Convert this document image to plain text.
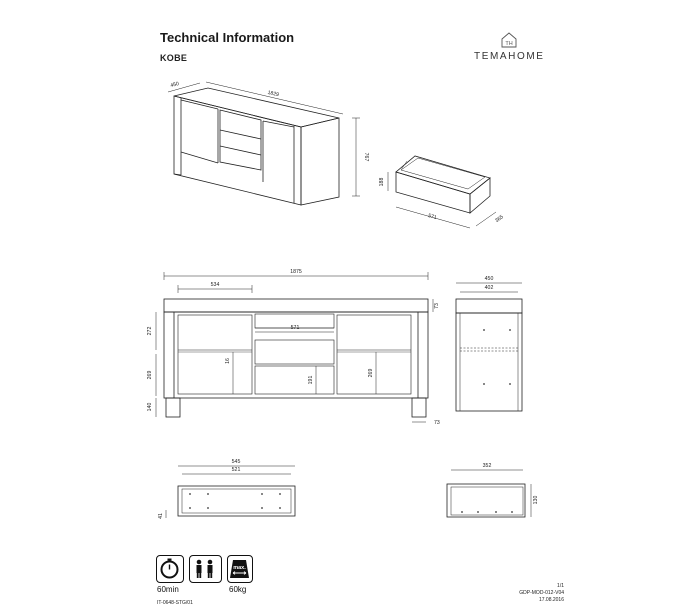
Technical Information
KOBE
TH
TEMAHOME
450
1829
767
188
571	365
1875
534
571
73
272
269
16
191
269
140
73
450
402
545
521
41
352
130
max.
60min	60kg
IT-0648-STG/01
1/1
GDP-MOD-012-V04
17.08.2016
